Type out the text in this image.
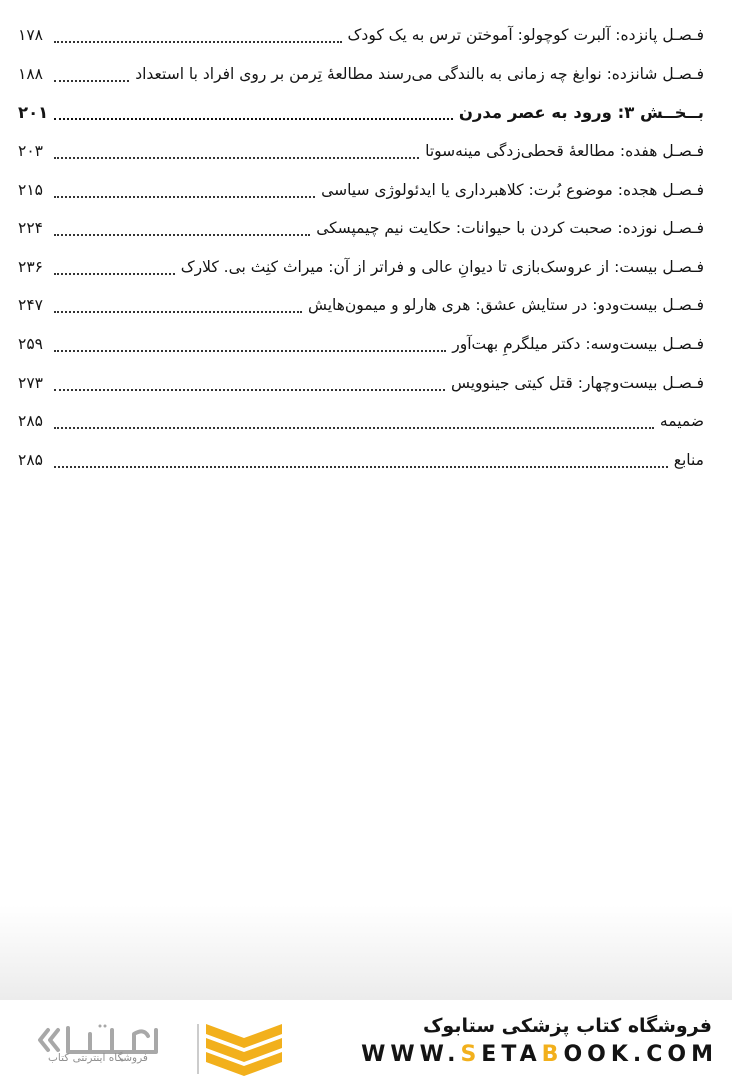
فـصـل پانزده: آلبرت کوچولو: آموختن ترس به یک کودک
۱۷۸
فـصـل شانزده: نوابغ چه زمانی به بالندگی می‌رسند مطالعۀ تِرمن بر روی افراد با استعداد
۱۸۸
بــخــش ۳: ورود به عصر مدرن
۲۰۱
فـصـل هفده: مطالعۀ قحطی‌زدگی مینه‌سوتا
۲۰۳
فـصـل هجده: موضوع بُرت: کلاهبرداری یا ایدئولوژی سیاسی
۲۱۵
فـصـل نوزده: صحبت کردن با حیوانات: حکایت نیم چیمپسکی
۲۲۴
فـصـل بیست: از عروسک‌بازی تا دیوانِ عالی و فراتر از آن: میراث کنِث بی. کلارک
۲۳۶
فـصـل بیست‌ودو: در ستایش عشق: هری هارلو و میمون‌هایش
۲۴۷
فـصـل بیست‌وسه: دکتر میلگرمِ بهت‌آور
۲۵۹
فـصـل بیست‌وچهار: قتل کیتی جینوویس
۲۷۳
ضمیمه
۲۸۵
منابع
۲۸۵
ستابوک
فروشگاه اینترنتی کتاب
فروشگاه کتاب پزشکی ستابوک
WWW.SETABOOK.COM
